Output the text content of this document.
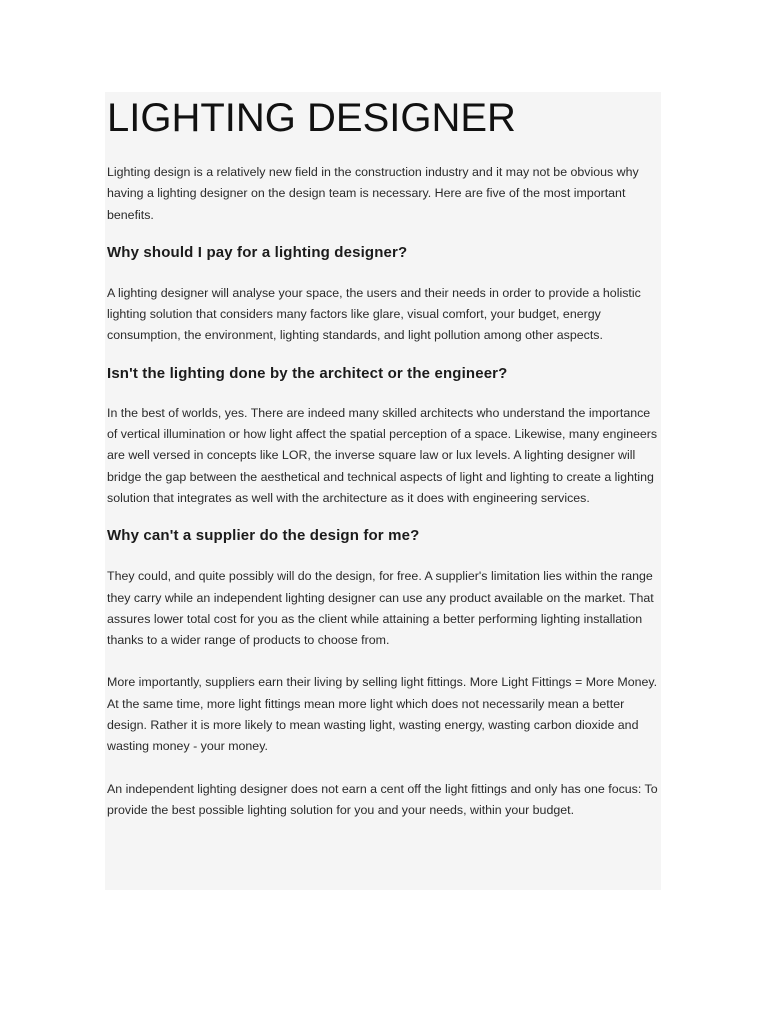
LIGHTING DESIGNER

Lighting design is a relatively new field in the construction industry and it may not be obvious why having a lighting designer on the design team is necessary. Here are five of the most important benefits.

Why should I pay for a lighting designer?

A lighting designer will analyse your space, the users and their needs in order to provide a holistic lighting solution that considers many factors like glare, visual comfort, your budget, energy consumption, the environment, lighting standards, and light pollution among other aspects.

Isn't the lighting done by the architect or the engineer?

In the best of worlds, yes. There are indeed many skilled architects who understand the importance of vertical illumination or how light affect the spatial perception of a space. Likewise, many engineers are well versed in concepts like LOR, the inverse square law or lux levels. A lighting designer will bridge the gap between the aesthetical and technical aspects of light and lighting to create a lighting solution that integrates as well with the architecture as it does with engineering services.

Why can't a supplier do the design for me?

They could, and quite possibly will do the design, for free. A supplier's limitation lies within the range they carry while an independent lighting designer can use any product available on the market. That assures lower total cost for you as the client while attaining a better performing lighting installation thanks to a wider range of products to choose from.

More importantly, suppliers earn their living by selling light fittings. More Light Fittings = More Money. At the same time, more light fittings mean more light which does not necessarily mean a better design. Rather it is more likely to mean wasting light, wasting energy, wasting carbon dioxide and wasting money - your money.

An independent lighting designer does not earn a cent off the light fittings and only has one focus: To provide the best possible lighting solution for you and your needs, within your budget.
